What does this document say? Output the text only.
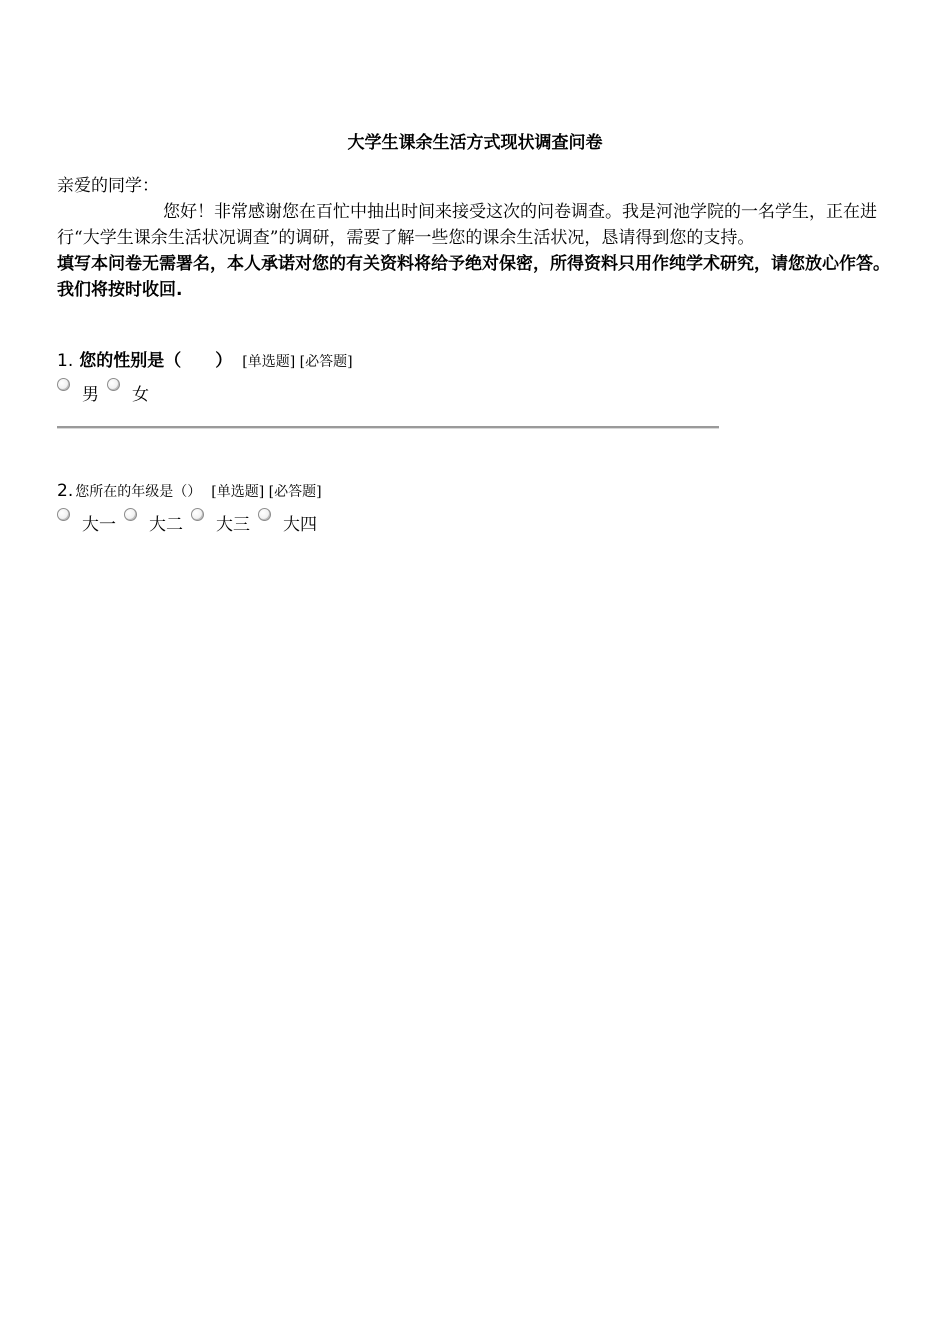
大学生课余生活方式现状调查问卷

亲爱的同学：

您好！非常感谢您在百忙中抽出时间来接受这次的问卷调查。我是河池学院的一名学生，正在进行“大学生课余生活状况调查”的调研，需要了解一些您的课余生活状况，恳请得到您的支持。

填写本问卷无需署名，本人承诺对您的有关资料将给予绝对保密，所得资料只用作纯学术研究，请您放心作答。我们将按时收回.

1. 您的性别是（　　） [单选题] [必答题]
男 女
2. 您所在的年级是（） [单选题] [必答题]
大一 大二 大三 大四
